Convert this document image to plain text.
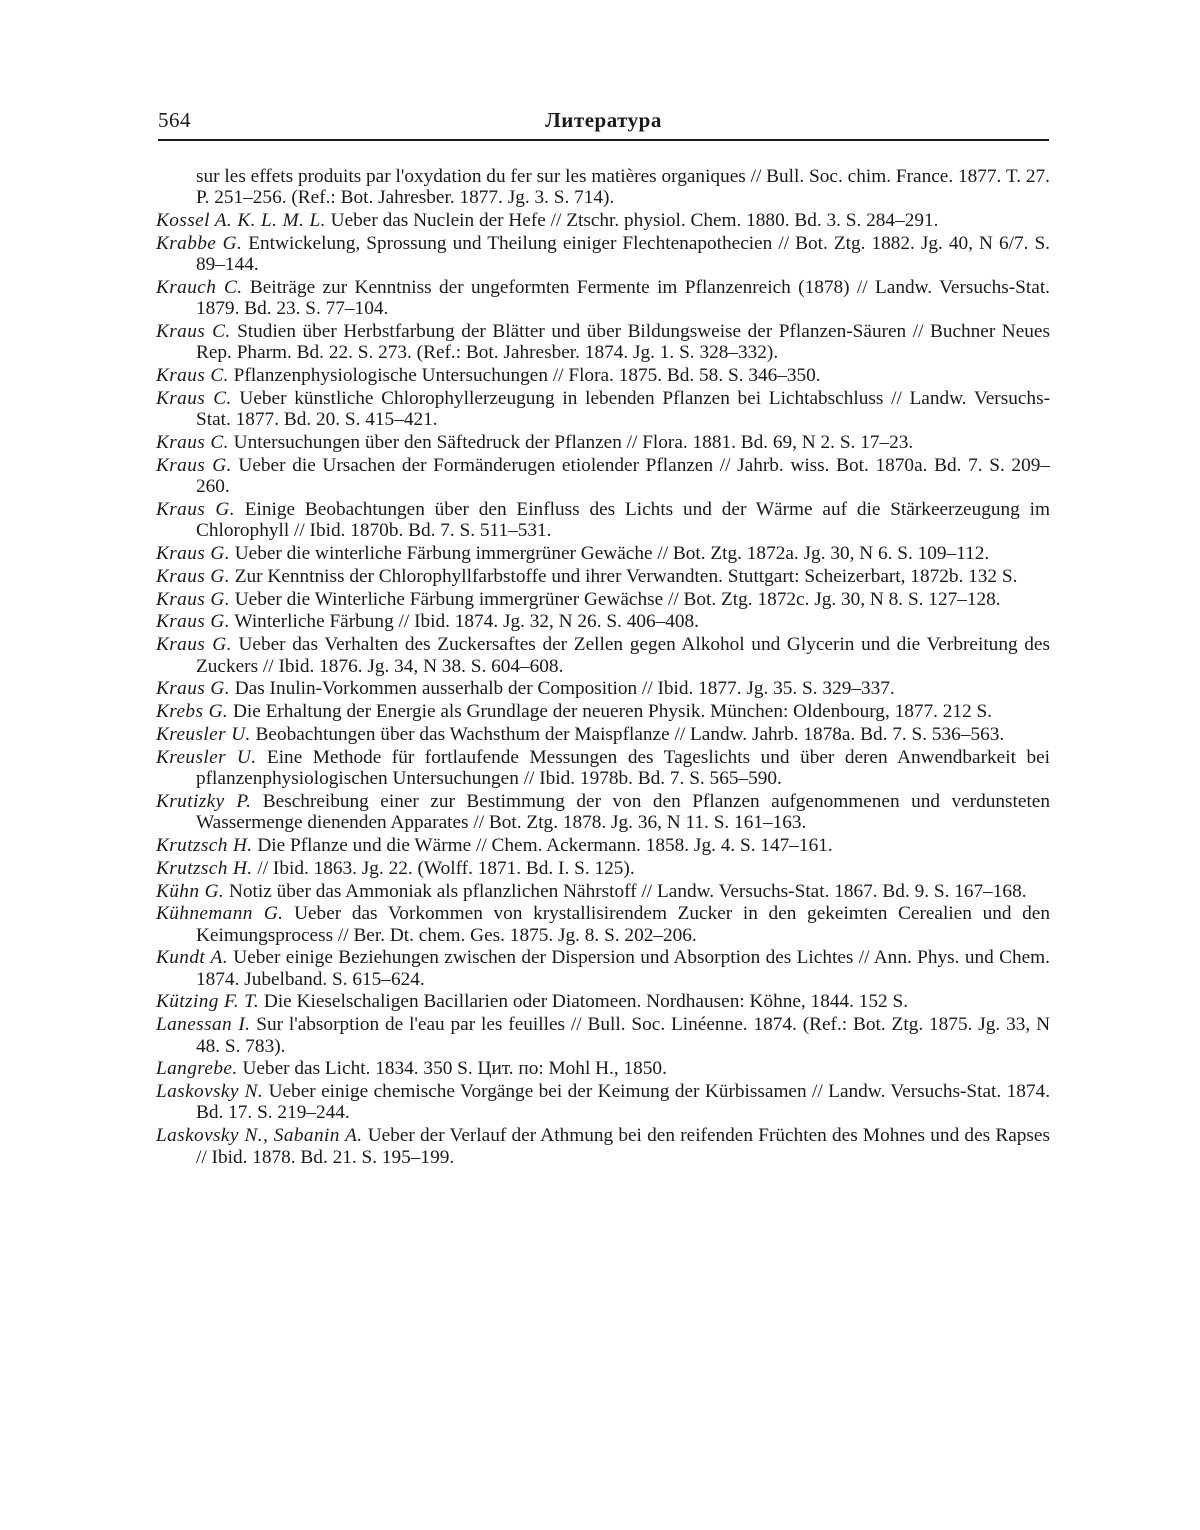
564	Литература
sur les effets produits par l'oxydation du fer sur les matières organiques // Bull. Soc. chim. France. 1877. T. 27. P. 251–256. (Ref.: Bot. Jahresber. 1877. Jg. 3. S. 714).
Kossel A. K. L. M. L. Ueber das Nuclein der Hefe // Ztschr. physiol. Chem. 1880. Bd. 3. S. 284–291.
Krabbe G. Entwickelung, Sprossung und Theilung einiger Flechtenapothecien // Bot. Ztg. 1882. Jg. 40, N 6/7. S. 89–144.
Krauch C. Beiträge zur Kenntniss der ungeformten Fermente im Pflanzenreich (1878) // Landw. Versuchs-Stat. 1879. Bd. 23. S. 77–104.
Kraus C. Studien über Herbstfarbung der Blätter und über Bildungsweise der Pflanzen-Säuren // Buchner Neues Rep. Pharm. Bd. 22. S. 273. (Ref.: Bot. Jahresber. 1874. Jg. 1. S. 328–332).
Kraus C. Pflanzenphysiologische Untersuchungen // Flora. 1875. Bd. 58. S. 346–350.
Kraus C. Ueber künstliche Chlorophyllerzeugung in lebenden Pflanzen bei Lichtabschluss // Landw. Versuchs-Stat. 1877. Bd. 20. S. 415–421.
Kraus C. Untersuchungen über den Säftedruck der Pflanzen // Flora. 1881. Bd. 69, N 2. S. 17–23.
Kraus G. Ueber die Ursachen der Formänderugen etiolender Pflanzen // Jahrb. wiss. Bot. 1870a. Bd. 7. S. 209–260.
Kraus G. Einige Beobachtungen über den Einfluss des Lichts und der Wärme auf die Stärkeerzeugung im Chlorophyll // Ibid. 1870b. Bd. 7. S. 511–531.
Kraus G. Ueber die winterliche Färbung immergrüner Gewäche // Bot. Ztg. 1872a. Jg. 30, N 6. S. 109–112.
Kraus G. Zur Kenntniss der Chlorophyllfarbstoffe und ihrer Verwandten. Stuttgart: Scheizerbart, 1872b. 132 S.
Kraus G. Ueber die Winterliche Färbung immergrüner Gewächse // Bot. Ztg. 1872c. Jg. 30, N 8. S. 127–128.
Kraus G. Winterliche Färbung // Ibid. 1874. Jg. 32, N 26. S. 406–408.
Kraus G. Ueber das Verhalten des Zuckersaftes der Zellen gegen Alkohol und Glycerin und die Verbreitung des Zuckers // Ibid. 1876. Jg. 34, N 38. S. 604–608.
Kraus G. Das Inulin-Vorkommen ausserhalb der Composition // Ibid. 1877. Jg. 35. S. 329–337.
Krebs G. Die Erhaltung der Energie als Grundlage der neueren Physik. München: Oldenbourg, 1877. 212 S.
Kreusler U. Beobachtungen über das Wachsthum der Maispflanze // Landw. Jahrb. 1878a. Bd. 7. S. 536–563.
Kreusler U. Eine Methode für fortlaufende Messungen des Tageslichts und über deren Anwendbarkeit bei pflanzenphysiologischen Untersuchungen // Ibid. 1978b. Bd. 7. S. 565–590.
Krutizky P. Beschreibung einer zur Bestimmung der von den Pflanzen aufgenommenen und verdunsteten Wassermenge dienenden Apparates // Bot. Ztg. 1878. Jg. 36, N 11. S. 161–163.
Krutzsch H. Die Pflanze und die Wärme // Chem. Ackermann. 1858. Jg. 4. S. 147–161.
Krutzsch H. // Ibid. 1863. Jg. 22. (Wolff. 1871. Bd. I. S. 125).
Kühn G. Notiz über das Ammoniak als pflanzlichen Nährstoff // Landw. Versuchs-Stat. 1867. Bd. 9. S. 167–168.
Kühnemann G. Ueber das Vorkommen von krystallisirendem Zucker in den gekeimten Cerealien und den Keimungsprocess // Ber. Dt. chem. Ges. 1875. Jg. 8. S. 202–206.
Kundt A. Ueber einige Beziehungen zwischen der Dispersion und Absorption des Lichtes // Ann. Phys. und Chem. 1874. Jubelband. S. 615–624.
Kützing F. T. Die Kieselschaligen Bacillarien oder Diatomeen. Nordhausen: Köhne, 1844. 152 S.
Lanessan I. Sur l'absorption de l'eau par les feuilles // Bull. Soc. Linéenne. 1874. (Ref.: Bot. Ztg. 1875. Jg. 33, N 48. S. 783).
Langrebe. Ueber das Licht. 1834. 350 S. Цит. по: Mohl H., 1850.
Laskovsky N. Ueber einige chemische Vorgänge bei der Keimung der Kürbissamen // Landw. Versuchs-Stat. 1874. Bd. 17. S. 219–244.
Laskovsky N., Sabanin A. Ueber der Verlauf der Athmung bei den reifenden Früchten des Mohnes und des Rapses // Ibid. 1878. Bd. 21. S. 195–199.
